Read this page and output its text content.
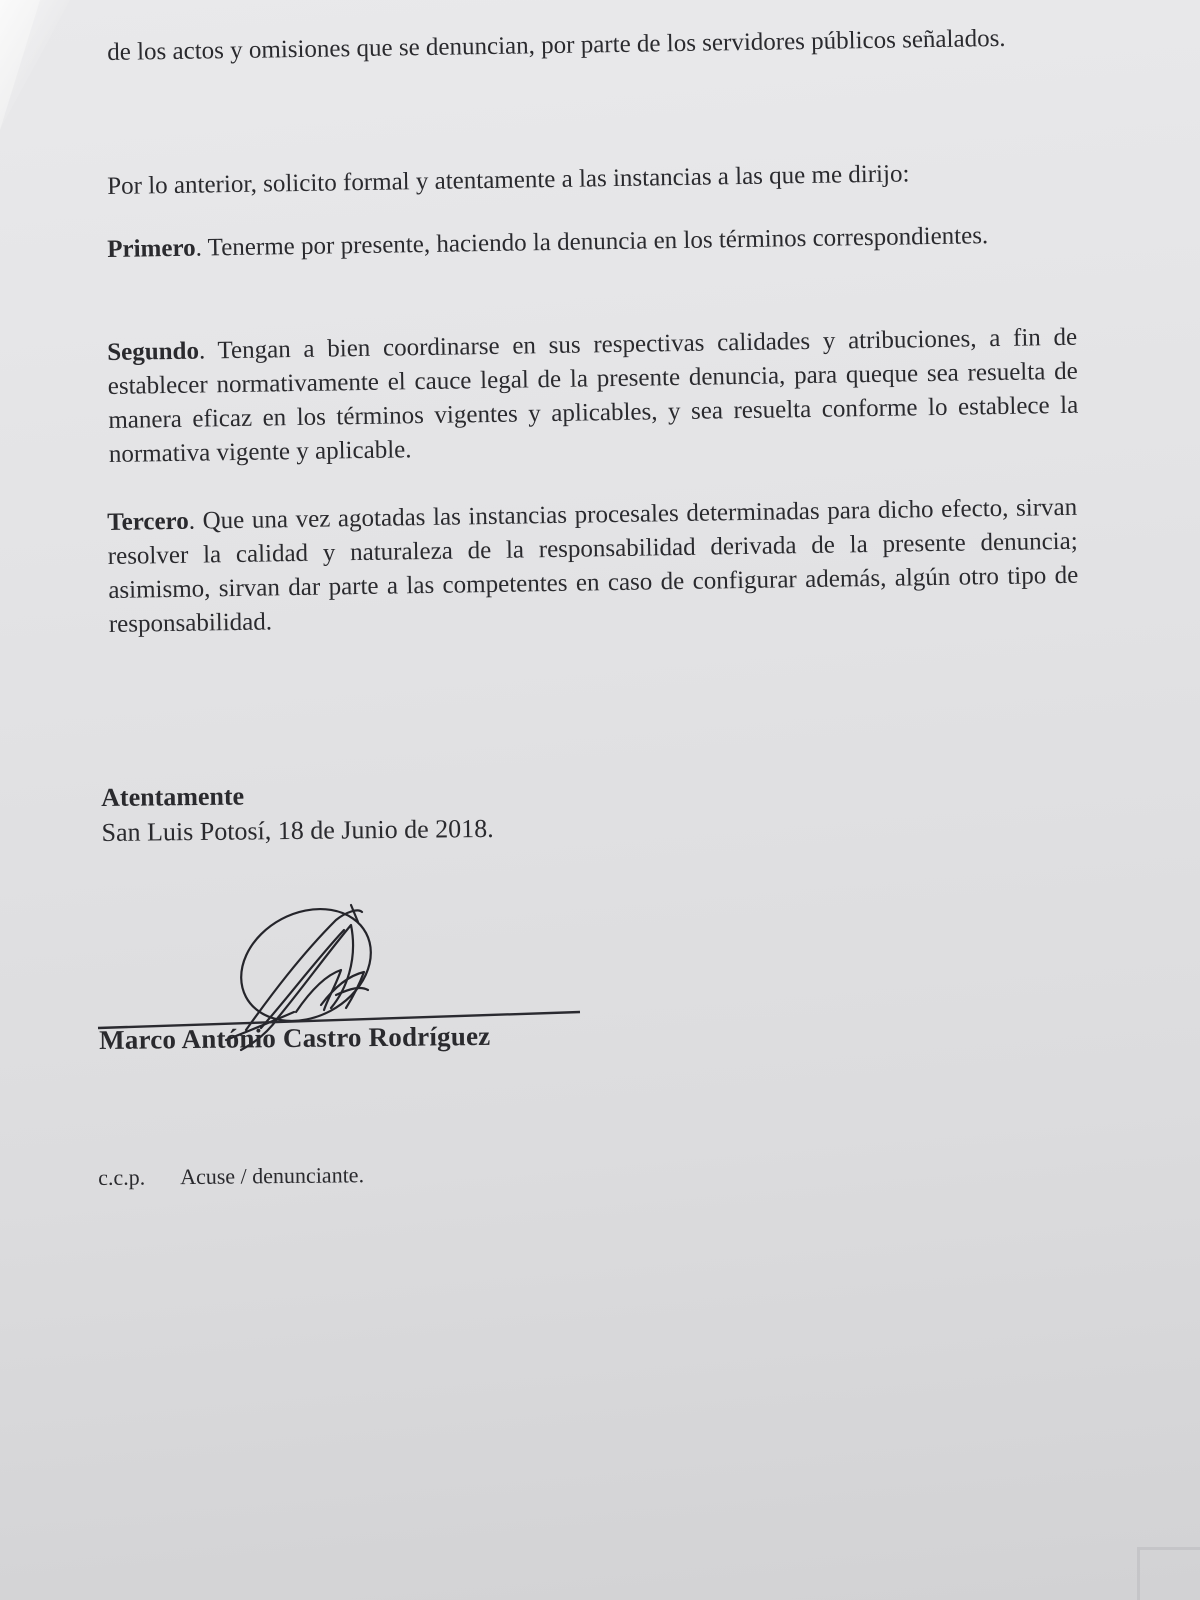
de los actos y omisiones que se denuncian, por parte de los servidores públicos señalados.
Por lo anterior, solicito formal y atentamente a las instancias a las que me dirijo:
Primero. Tenerme por presente, haciendo la denuncia en los términos correspondientes.
Segundo. Tengan a bien coordinarse en sus respectivas calidades y atribuciones, a fin de establecer normativamente el cauce legal de la presente denuncia, para queque sea resuelta de manera eficaz en los términos vigentes y aplicables, y sea resuelta conforme lo establece la normativa vigente y aplicable.
Tercero. Que una vez agotadas las instancias procesales determinadas para dicho efecto, sirvan resolver la calidad y naturaleza de la responsabilidad derivada de la presente denuncia; asimismo, sirvan dar parte a las competentes en caso de configurar además, algún otro tipo de responsabilidad.
Atentamente
San Luis Potosí, 18 de Junio de 2018.
Marco António Castro Rodríguez
c.c.p. Acuse / denunciante.
